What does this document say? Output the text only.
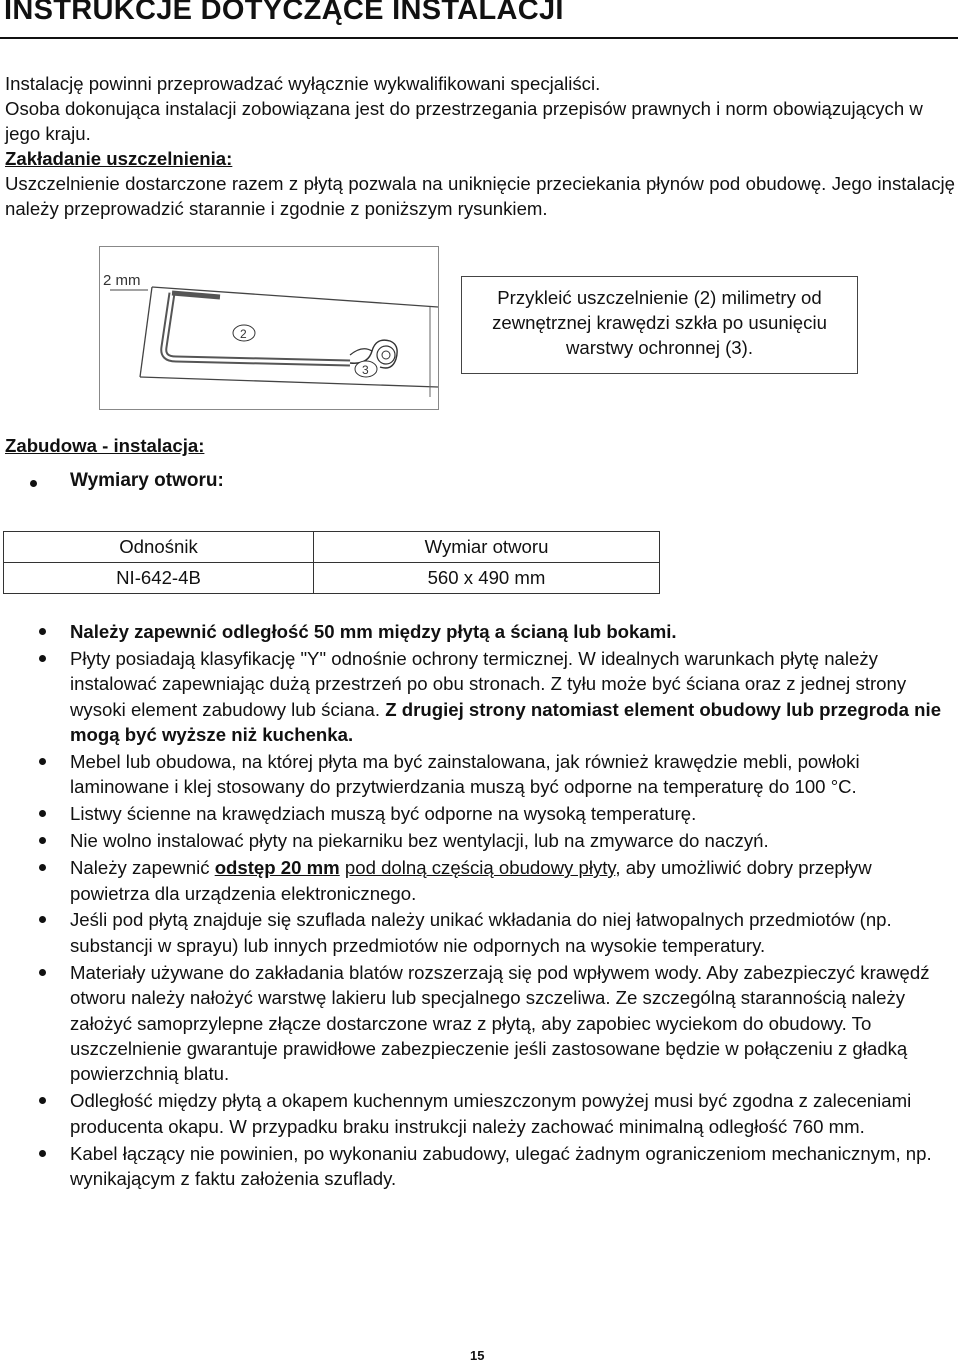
INSTRUKCJE DOTYCZĄCE INSTALACJI

Instalację powinni przeprowadzać wyłącznie wykwalifikowani specjaliści.

Osoba dokonująca instalacji zobowiązana jest do przestrzegania przepisów prawnych i norm obowiązujących w jego kraju.

Zakładanie uszczelnienia:

Uszczelnienie dostarczone razem z płytą pozwala na uniknięcie przeciekania płynów pod obudowę. Jego instalację należy przeprowadzić starannie i zgodnie z poniższym rysunkiem.

2 mm
2
3
Przykleić uszczelnienie (2) milimetry od zewnętrznej krawędzi szkła po usunięciu warstwy ochronnej (3).
Zabudowa - instalacja:
Wymiary otworu:
Odnośnik	Wymiar otworu
NI-642-4B	560 x 490 mm
Należy zapewnić odległość 50 mm między płytą a ścianą lub bokami.
Płyty posiadają klasyfikację "Y" odnośnie ochrony termicznej. W idealnych warunkach płytę należy instalować zapewniając dużą przestrzeń po obu stronach. Z tyłu może być ściana oraz z jednej strony wysoki element zabudowy lub ściana. Z drugiej strony natomiast element obudowy lub przegroda nie mogą być wyższe niż kuchenka.
Mebel lub obudowa, na której płyta ma być zainstalowana, jak również krawędzie mebli, powłoki laminowane i klej stosowany do przytwierdzania muszą być odporne na temperaturę do 100 °C.
Listwy ścienne na krawędziach muszą być odporne na wysoką temperaturę.
Nie wolno instalować płyty na piekarniku bez wentylacji, lub na zmywarce do naczyń.
Należy zapewnić odstęp 20 mm pod dolną częścią obudowy płyty, aby umożliwić dobry przepływ powietrza dla urządzenia elektronicznego.
Jeśli pod płytą znajduje się szuflada należy unikać wkładania do niej łatwopalnych przedmiotów (np. substancji w sprayu) lub innych przedmiotów nie odpornych na wysokie temperatury.
Materiały używane do zakładania blatów rozszerzają się pod wpływem wody. Aby zabezpieczyć krawędź otworu należy nałożyć warstwę lakieru lub specjalnego szczeliwa. Ze szczególną starannością należy założyć samoprzylepne złącze dostarczone wraz z płytą, aby zapobiec wyciekom do obudowy. To uszczelnienie gwarantuje prawidłowe zabezpieczenie jeśli zastosowane będzie w połączeniu z gładką powierzchnią blatu.
Odległość między płytą a okapem kuchennym umieszczonym powyżej musi być zgodna z zaleceniami producenta okapu. W przypadku braku instrukcji należy zachować minimalną odległość 760 mm.
Kabel łączący nie powinien, po wykonaniu zabudowy, ulegać żadnym ograniczeniom mechanicznym, np. wynikającym z faktu założenia szuflady.
15
